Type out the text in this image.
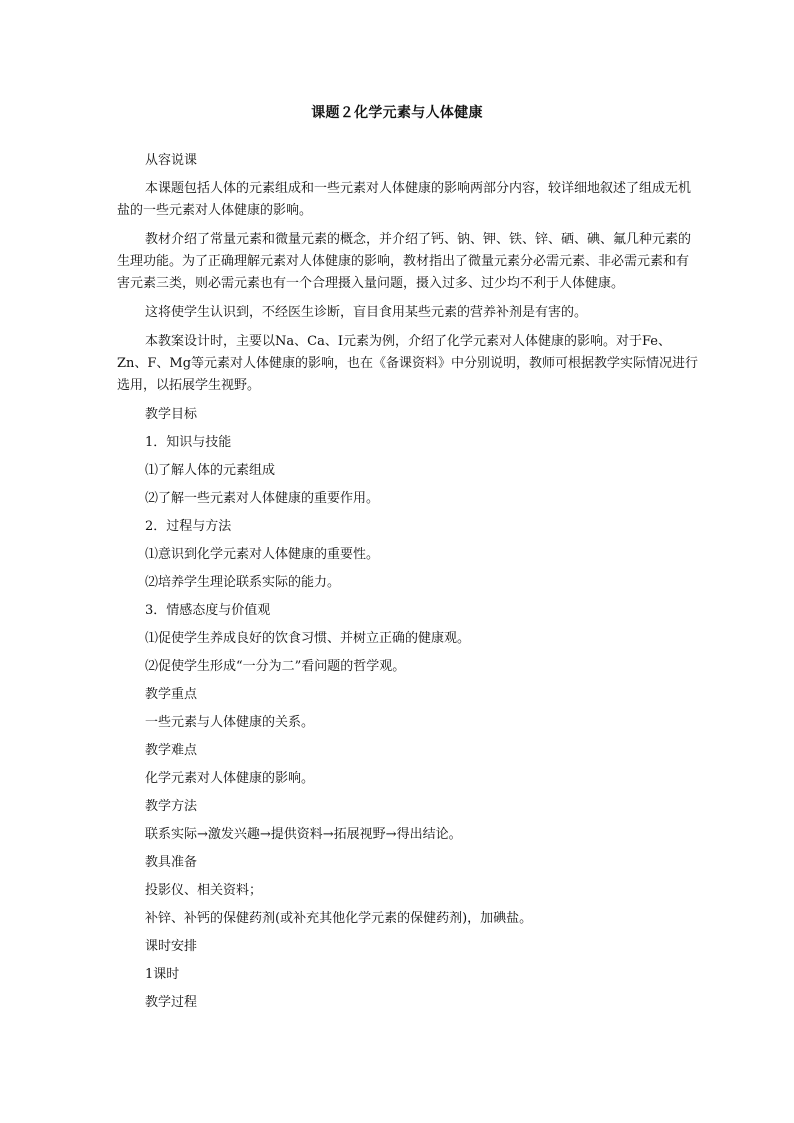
课题２化学元素与人体健康
从容说课
本课题包括人体的元素组成和一些元素对人体健康的影响两部分内容，较详细地叙述了组成无机盐的一些元素对人体健康的影响。
教材介绍了常量元素和微量元素的概念，并介绍了钙、钠、钾、铁、锌、硒、碘、氟几种元素的生理功能。为了正确理解元素对人体健康的影响，教材指出了微量元素分必需元素、非必需元素和有害元素三类，则必需元素也有一个合理摄入量问题，摄入过多、过少均不利于人体健康。
这将使学生认识到，不经医生诊断，盲目食用某些元素的营养补剂是有害的。
本教案设计时，主要以Na、Ca、I元素为例，介绍了化学元素对人体健康的影响。对于Fe、Zn、F、Mg等元素对人体健康的影响，也在《备课资料》中分别说明，教师可根据教学实际情况进行选用，以拓展学生视野。
教学目标
1．知识与技能
⑴了解人体的元素组成
⑵了解一些元素对人体健康的重要作用。
2．过程与方法
⑴意识到化学元素对人体健康的重要性。
⑵培养学生理论联系实际的能力。
3．情感态度与价值观
⑴促使学生养成良好的饮食习惯、并树立正确的健康观。
⑵促使学生形成“一分为二”看问题的哲学观。
教学重点
一些元素与人体健康的关系。
教学难点
化学元素对人体健康的影响。
教学方法
联系实际→激发兴趣→提供资料→拓展视野→得出结论。
教具准备
投影仪、相关资料；
补锌、补钙的保健药剂(或补充其他化学元素的保健药剂)，加碘盐。
课时安排
1课时
教学过程
